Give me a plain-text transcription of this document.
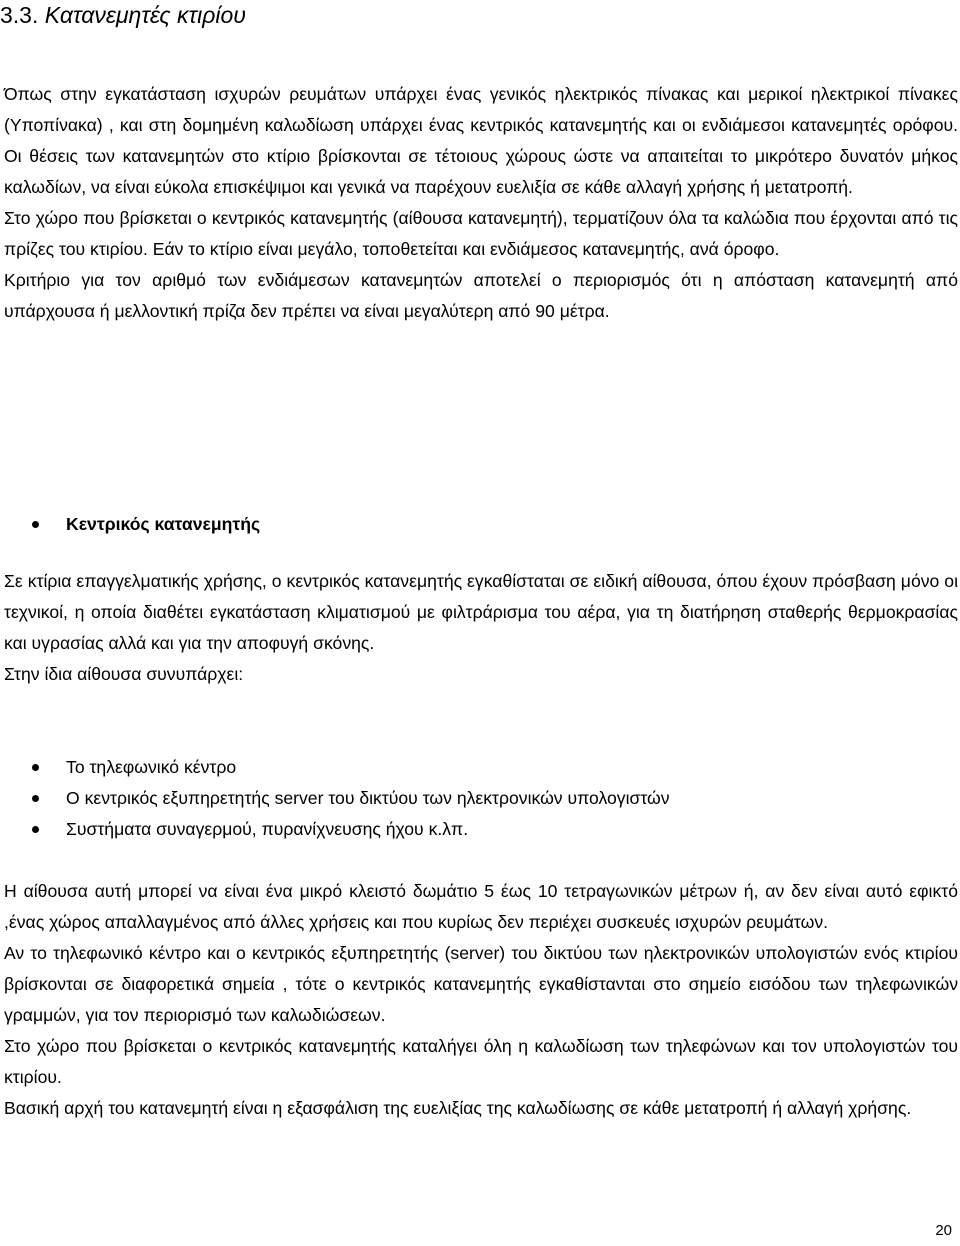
3.3. Κατανεμητές κτιρίου

Όπως στην εγκατάσταση ισχυρών ρευμάτων υπάρχει ένας γενικός ηλεκτρικός πίνακας και μερικοί ηλεκτρικοί πίνακες (Υποπίνακα) , και στη δομημένη καλωδίωση υπάρχει ένας κεντρικός κατανεμητής και οι ενδιάμεσοι κατανεμητές ορόφου. Οι θέσεις των κατανεμητών στο κτίριο βρίσκονται σε τέτοιους χώρους ώστε να απαιτείται το μικρότερο δυνατόν μήκος καλωδίων, να είναι εύκολα επισκέψιμοι και γενικά να παρέχουν ευελιξία σε κάθε αλλαγή χρήσης ή μετατροπή.

Στο χώρο που βρίσκεται ο κεντρικός κατανεμητής (αίθουσα κατανεμητή), τερματίζουν όλα τα καλώδια που έρχονται από τις πρίζες του κτιρίου. Εάν το κτίριο είναι μεγάλο, τοποθετείται και ενδιάμεσος κατανεμητής, ανά όροφο.

Κριτήριο για τον αριθμό των ενδιάμεσων κατανεμητών αποτελεί ο περιορισμός ότι η απόσταση κατανεμητή από υπάρχουσα ή μελλοντική πρίζα δεν πρέπει να είναι μεγαλύτερη από 90 μέτρα.

Κεντρικός κατανεμητής

Σε κτίρια επαγγελματικής χρήσης, ο κεντρικός κατανεμητής εγκαθίσταται σε ειδική αίθουσα, όπου έχουν πρόσβαση μόνο οι τεχνικοί, η οποία διαθέτει εγκατάσταση κλιματισμού με φιλτράρισμα του αέρα, για τη διατήρηση σταθερής θερμοκρασίας και υγρασίας αλλά και για την αποφυγή σκόνης.

Στην ίδια αίθουσα συνυπάρχει:

Το τηλεφωνικό κέντρο
Ο κεντρικός εξυπηρετητής server του δικτύου των ηλεκτρονικών υπολογιστών
Συστήματα συναγερμού, πυρανίχνευσης ήχου κ.λπ.

Η αίθουσα αυτή μπορεί να είναι ένα μικρό κλειστό δωμάτιο 5 έως 10 τετραγωνικών μέτρων ή, αν δεν είναι αυτό εφικτό ,ένας χώρος απαλλαγμένος από άλλες χρήσεις και που κυρίως δεν περιέχει συσκευές ισχυρών ρευμάτων.

Αν το τηλεφωνικό κέντρο και ο κεντρικός εξυπηρετητής (server) του δικτύου των ηλεκτρονικών υπολογιστών ενός κτιρίου βρίσκονται σε διαφορετικά σημεία , τότε ο κεντρικός κατανεμητής εγκαθίστανται στο σημείο εισόδου των τηλεφωνικών γραμμών, για τον περιορισμό των καλωδιώσεων.

Στο χώρο που βρίσκεται ο κεντρικός κατανεμητής καταλήγει όλη η καλωδίωση των τηλεφώνων και τον υπολογιστών του κτιρίου.

Βασική αρχή του κατανεμητή είναι η εξασφάλιση της ευελιξίας της καλωδίωσης σε κάθε μετατροπή ή αλλαγή χρήσης.

20
